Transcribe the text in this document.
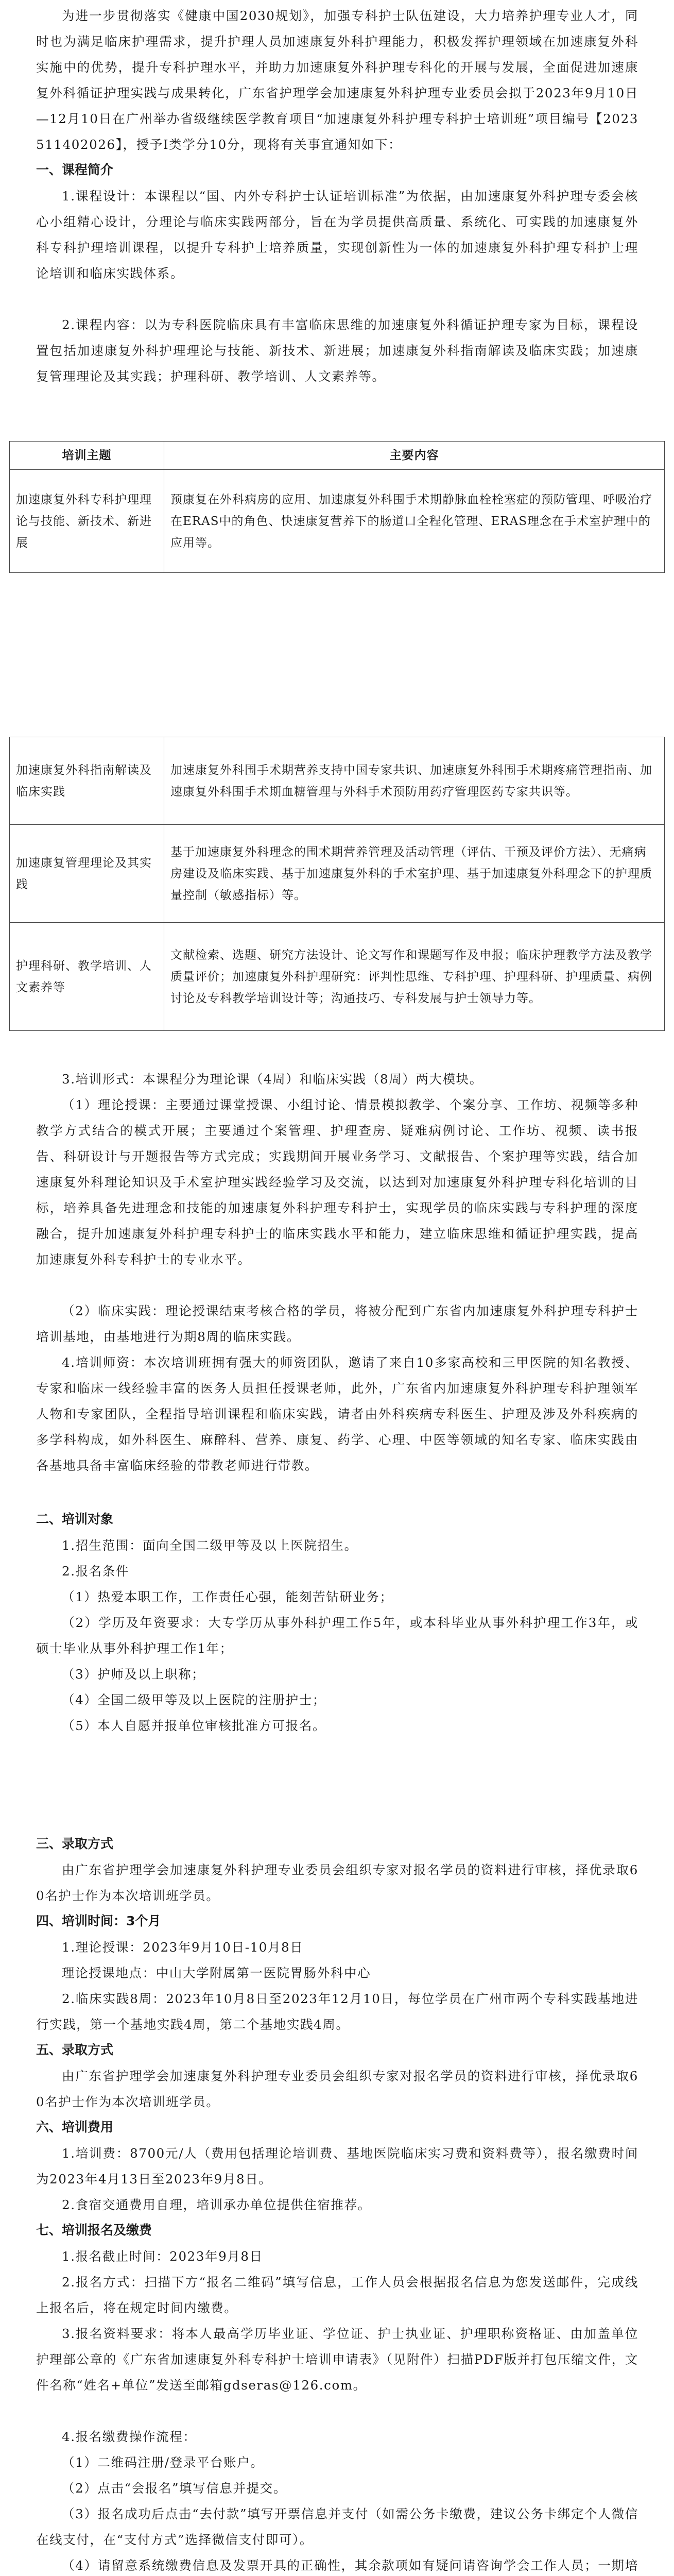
为进一步贯彻落实《健康中国2030规划》，加强专科护士队伍建设，大力培养护理专业人才，同时也为满足临床护理需求，提升护理人员加速康复外科护理能力，积极发挥护理领域在加速康复外科实施中的优势，提升专科护理水平，并助力加速康复外科护理专科化的开展与发展，全面促进加速康复外科循证护理实践与成果转化，广东省护理学会加速康复外科护理专业委员会拟于2023年9月10日—12月10日在广州举办省级继续医学教育项目“加速康复外科护理专科护士培训班”项目编号【2023511402026】，授予I类学分10分，现将有关事宜通知如下：

一、课程简介

1.课程设计：本课程以“国、内外专科护士认证培训标准”为依据，由加速康复外科护理专委会核心小组精心设计，分理论与临床实践两部分，旨在为学员提供高质量、系统化、可实践的加速康复外科专科护理培训课程，以提升专科护士培养质量，实现创新性为一体的加速康复外科护理专科护士理论培训和临床实践体系。

2.课程内容：以为专科医院临床具有丰富临床思维的加速康复外科循证护理专家为目标，课程设置包括加速康复外科护理理论与技能、新技术、新进展；加速康复外科指南解读及临床实践；加速康复管理理论及其实践；护理科研、教学培训、人文素养等。

培训主题	主要内容
加速康复外科专科护理理论与技能、新技术、新进展	预康复在外科病房的应用、加速康复外科围手术期静脉血栓栓塞症的预防管理、呼吸治疗在ERAS中的角色、快速康复营养下的肠道口全程化管理、ERAS理念在手术室护理中的应用等。
加速康复外科指南解读及临床实践	加速康复外科围手术期营养支持中国专家共识、加速康复外科围手术期疼痛管理指南、加速康复外科围手术期血糖管理与外科手术预防用药疗管理医药专家共识等。
加速康复管理理论及其实践	基于加速康复外科理念的围术期营养管理及活动管理（评估、干预及评价方法）、无痛病房建设及临床实践、基于加速康复外科的手术室护理、基于加速康复外科理念下的护理质量控制（敏感指标）等。
护理科研、教学培训、人文素养等	文献检索、选题、研究方法设计、论文写作和课题写作及申报；临床护理教学方法及教学质量评价；加速康复外科护理研究：评判性思维、专科护理、护理科研、护理质量、病例讨论及专科教学培训设计等；沟通技巧、专科发展与护士领导力等。

3.培训形式：本课程分为理论课（4周）和临床实践（8周）两大模块。

（1）理论授课：主要通过课堂授课、小组讨论、情景模拟教学、个案分享、工作坊、视频等多种教学方式结合的模式开展；主要通过个案管理、护理查房、疑难病例讨论、工作坊、视频、读书报告、科研设计与开题报告等方式完成；实践期间开展业务学习、文献报告、个案护理等实践，结合加速康复外科理论知识及手术室护理实践经验学习及交流，以达到对加速康复外科护理专科化培训的目标，培养具备先进理念和技能的加速康复外科护理专科护士，实现学员的临床实践与专科护理的深度融合，提升加速康复外科护理专科护士的临床实践水平和能力，建立临床思维和循证护理实践，提高加速康复外科专科护士的专业水平。

（2）临床实践：理论授课结束考核合格的学员，将被分配到广东省内加速康复外科护理专科护士培训基地，由基地进行为期8周的临床实践。

4.培训师资：本次培训班拥有强大的师资团队，邀请了来自10多家高校和三甲医院的知名教授、专家和临床一线经验丰富的医务人员担任授课老师，此外，广东省内加速康复外科护理专科护理领军人物和专家团队，全程指导培训课程和临床实践，请者由外科疾病专科医生、护理及涉及外科疾病的多学科构成，如外科医生、麻醉科、营养、康复、药学、心理、中医等领域的知名专家、临床实践由各基地具备丰富临床经验的带教老师进行带教。

二、培训对象

1.招生范围：面向全国二级甲等及以上医院招生。

2.报名条件

（1）热爱本职工作，工作责任心强，能刻苦钻研业务；

（2）学历及年资要求：大专学历从事外科护理工作5年，或本科毕业从事外科护理工作3年，或硕士毕业从事外科护理工作1年；

（3）护师及以上职称；

（4）全国二级甲等及以上医院的注册护士；

（5）本人自愿并报单位审核批准方可报名。

三、录取方式

由广东省护理学会加速康复外科护理专业委员会组织专家对报名学员的资料进行审核，择优录取60名护士作为本次培训班学员。

四、培训时间：3个月

1.理论授课：2023年9月10日-10月8日

理论授课地点：中山大学附属第一医院胃肠外科中心

2.临床实践8周：2023年10月8日至2023年12月10日，每位学员在广州市两个专科实践基地进行实践，第一个基地实践4周，第二个基地实践4周。

五、录取方式

由广东省护理学会加速康复外科护理专业委员会组织专家对报名学员的资料进行审核，择优录取60名护士作为本次培训班学员。

六、培训费用

1.培训费：8700元/人（费用包括理论培训费、基地医院临床实习费和资料费等），报名缴费时间为2023年4月13日至2023年9月8日。

2.食宿交通费用自理，培训承办单位提供住宿推荐。

七、培训报名及缴费

1.报名截止时间：2023年9月8日

2.报名方式：扫描下方“报名二维码”填写信息，工作人员会根据报名信息为您发送邮件，完成线上报名后，将在规定时间内缴费。

3.报名资料要求：将本人最高学历毕业证、学位证、护士执业证、护理职称资格证、由加盖单位护理部公章的《广东省加速康复外科专科护士培训申请表》（见附件）扫描PDF版并打包压缩文件，文件名称“姓名+单位”发送至邮箱gdseras@126.com。

4.报名缴费操作流程：

（1）二维码注册/登录平台账户。

（2）点击“会报名”填写信息并提交。

（3）报名成功后点击“去付款”填写开票信息并支付（如需公务卡缴费，建议公务卡绑定个人微信在线支付，在“支付方式”选择微信支付即可）。

（4）请留意系统缴费信息及发票开具的正确性，其余款项如有疑问请咨询学会工作人员；一期培
